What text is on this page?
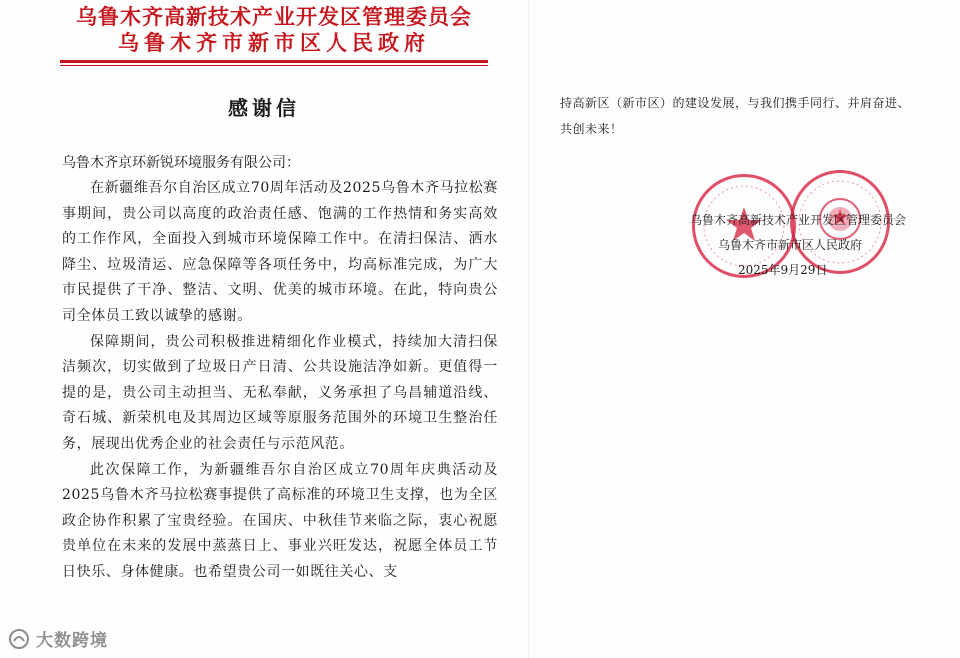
乌鲁木齐高新技术产业开发区管理委员会
乌鲁木齐市新市区人民政府
感谢信
乌鲁木齐京环新锐环境服务有限公司：

在新疆维吾尔自治区成立70周年活动及2025乌鲁木齐马拉松赛事期间，贵公司以高度的政治责任感、饱满的工作热情和务实高效的工作作风，全面投入到城市环境保障工作中。在清扫保洁、洒水降尘、垃圾清运、应急保障等各项任务中，均高标准完成，为广大市民提供了干净、整洁、文明、优美的城市环境。在此，特向贵公司全体员工致以诚挚的感谢。

保障期间，贵公司积极推进精细化作业模式，持续加大清扫保洁频次，切实做到了垃圾日产日清、公共设施洁净如新。更值得一提的是，贵公司主动担当、无私奉献，义务承担了乌昌辅道沿线、奇石城、新荣机电及其周边区域等原服务范围外的环境卫生整治任务，展现出优秀企业的社会责任与示范风范。

此次保障工作，为新疆维吾尔自治区成立70周年庆典活动及2025乌鲁木齐马拉松赛事提供了高标准的环境卫生支撑，也为全区政企协作积累了宝贵经验。在国庆、中秋佳节来临之际，衷心祝愿贵单位在未来的发展中蒸蒸日上、事业兴旺发达，祝愿全体员工节日快乐、身体健康。也希望贵公司一如既往关心、支

持高新区（新市区）的建设发展，与我们携手同行、并肩奋进、

共创未来！

乌鲁木齐高新技术产业开发区管理委员会
乌鲁木齐市新市区人民政府
2025年9月29日
大数跨境
